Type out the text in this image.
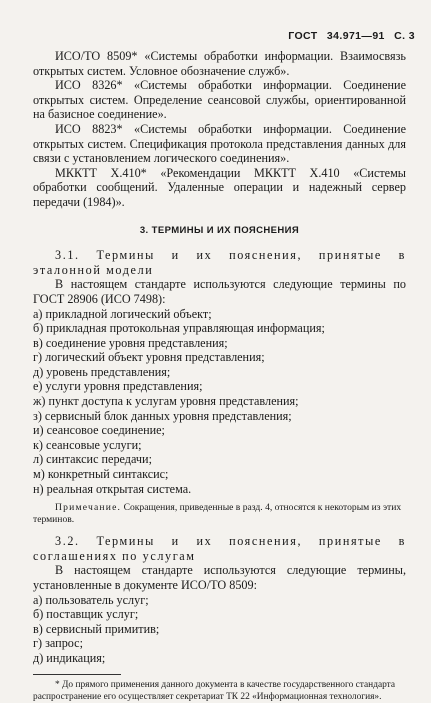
ГОСТ 34.971—91 С. 3

ИСО/ТО 8509* «Системы обработки информации. Взаимосвязь открытых систем. Условное обозначение служб».

ИСО 8326* «Системы обработки информации. Соединение открытых систем. Определение сеансовой службы, ориентированной на базисное соединение».

ИСО 8823* «Системы обработки информации. Соединение открытых систем. Спецификация протокола представления данных для связи с установлением логического соединения».

МККТТ Х.410* «Рекомендации МККТТ Х.410 «Системы обработки сообщений. Удаленные операции и надежный сервер передачи (1984)».

3. ТЕРМИНЫ И ИХ ПОЯСНЕНИЯ

3.1. Термины и их пояснения, принятые в эталонной модели

В настоящем стандарте используются следующие термины по ГОСТ 28906 (ИСО 7498):

а) прикладной логический объект;
б) прикладная протокольная управляющая информация;
в) соединение уровня представления;
г) логический объект уровня представления;
д) уровень представления;
е) услуги уровня представления;
ж) пункт доступа к услугам уровня представления;
з) сервисный блок данных уровня представления;
и) сеансовое соединение;
к) сеансовые услуги;
л) синтаксис передачи;
м) конкретный синтаксис;
н) реальная открытая система.

Примечание. Сокращения, приведенные в разд. 4, относятся к некоторым из этих терминов.

3.2. Термины и их пояснения, принятые в соглашениях по услугам

В настоящем стандарте используются следующие термины, установленные в документе ИСО/ТО 8509:

а) пользователь услуг;
б) поставщик услуг;
в) сервисный примитив;
г) запрос;
д) индикация;

* До прямого применения данного документа в качестве государственного стандарта распространение его осуществляет секретариат ТК 22 «Информационная технология».
